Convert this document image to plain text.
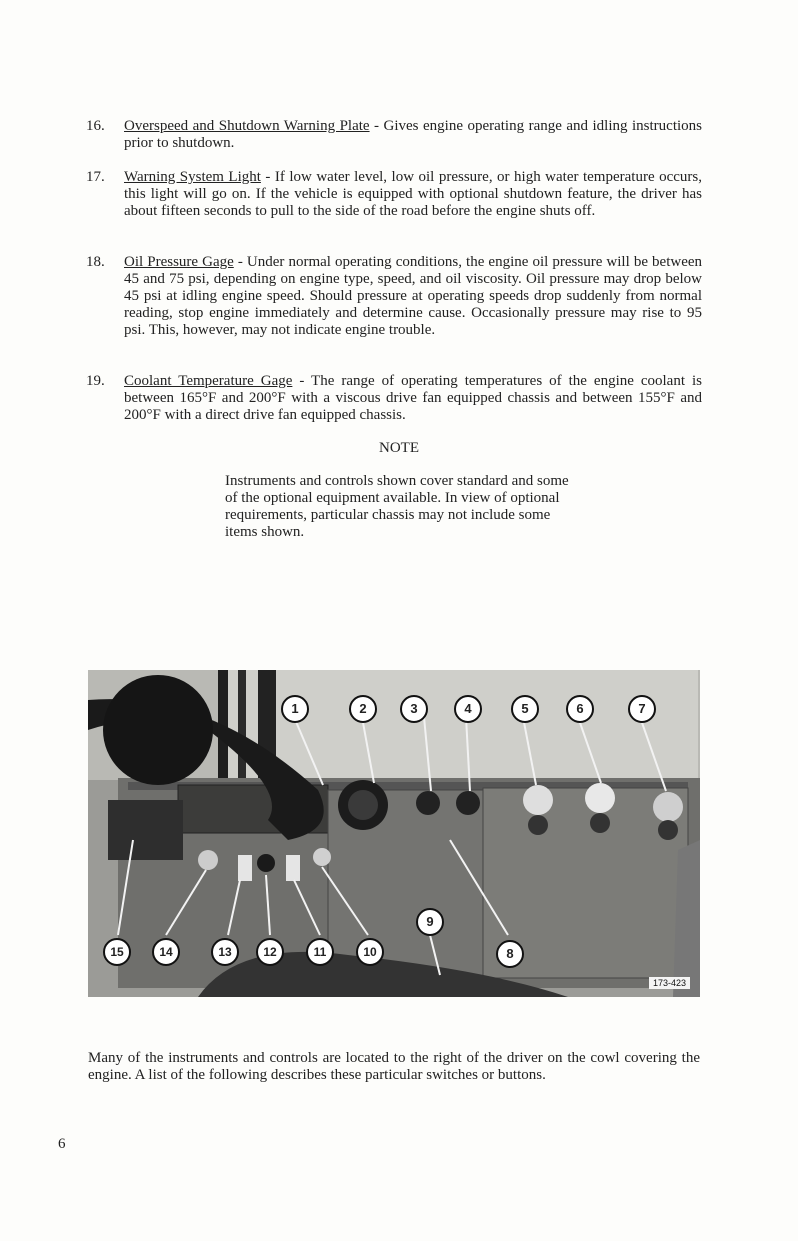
16. Overspeed and Shutdown Warning Plate - Gives engine operating range and idling instructions prior to shutdown.
17. Warning System Light - If low water level, low oil pressure, or high water temperature occurs, this light will go on. If the vehicle is equipped with optional shutdown feature, the driver has about fifteen seconds to pull to the side of the road before the engine shuts off.
18. Oil Pressure Gage - Under normal operating conditions, the engine oil pressure will be between 45 and 75 psi, depending on engine type, speed, and oil viscosity. Oil pressure may drop below 45 psi at idling engine speed. Should pressure at operating speeds drop suddenly from normal reading, stop engine immediately and determine cause. Occasionally pressure may rise to 95 psi. This, however, may not indicate engine trouble.
19. Coolant Temperature Gage - The range of operating temperatures of the engine coolant is between 165°F and 200°F with a viscous drive fan equipped chassis and between 155°F and 200°F with a direct drive fan equipped chassis.
NOTE
Instruments and controls shown cover standard and some of the optional equipment available. In view of optional requirements, particular chassis may not include some items shown.
1	2	3	4	5	6	7
8
9
10
11
12
13
14
15
173-423
Many of the instruments and controls are located to the right of the driver on the cowl covering the engine. A list of the following describes these particular switches or buttons.
6
